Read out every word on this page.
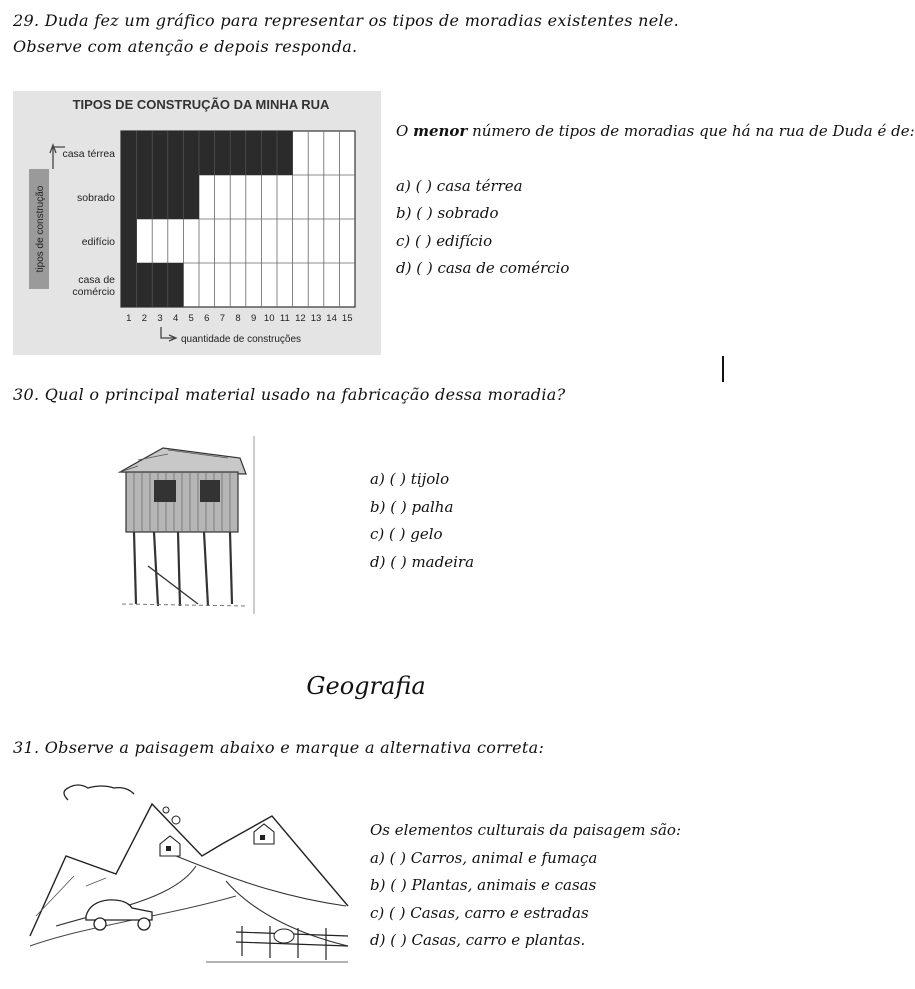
29. Duda fez um gráfico para representar os tipos de moradias existentes nele. Observe com atenção e depois responda.
TIPOS DE CONSTRUÇÃO DA MINHA RUA
tipos de construção
casa térrea
sobrado
edifício
casa de
comércio
1 2 3 4 5 6 7 8 9 10 11 12 13 14 15
quantidade de construções
O menor número de tipos de moradias que há na rua de Duda é de:
a) ( ) casa térrea
b) ( ) sobrado
c) ( ) edifício
d) ( ) casa de comércio
30. Qual o principal material usado na fabricação dessa moradia?
a) ( ) tijolo
b) ( ) palha
c) ( ) gelo
d) ( ) madeira
Geografia
31. Observe a paisagem abaixo e marque a alternativa correta:
Os elementos culturais da paisagem são:
a) ( ) Carros, animal e fumaça
b) ( ) Plantas, animais e casas
c) ( ) Casas, carro e estradas
d) ( ) Casas, carro e plantas.
